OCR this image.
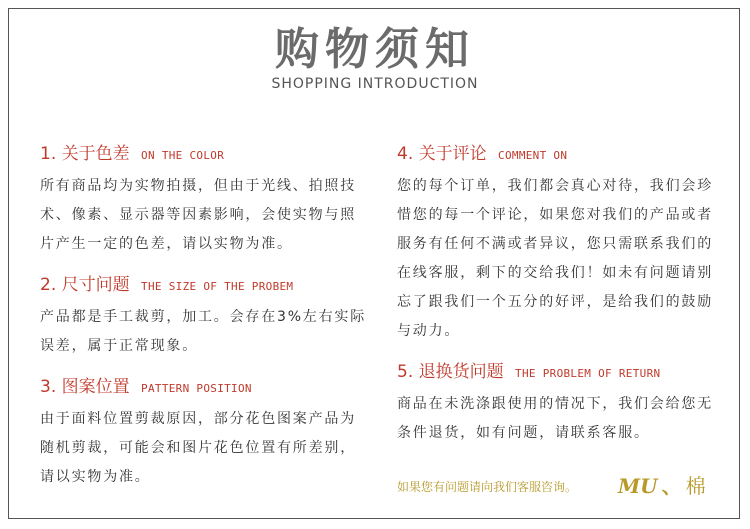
购物须知
SHOPPING INTRODUCTION
1. 关于色差 ON THE COLOR
所有商品均为实物拍摄，但由于光线、拍照技术、像素、显示器等因素影响，会使实物与照片产生一定的色差，请以实物为准。
2. 尺寸问题 THE SIZE OF THE PROBEM
产品都是手工裁剪，加工。会存在3%左右实际误差，属于正常现象。
3. 图案位置 PATTERN POSITION
由于面料位置剪裁原因，部分花色图案产品为随机剪裁，可能会和图片花色位置有所差别，请以实物为准。
4. 关于评论 COMMENT ON
您的每个订单，我们都会真心对待，我们会珍惜您的每一个评论，如果您对我们的产品或者服务有任何不满或者异议，您只需联系我们的在线客服，剩下的交给我们！如未有问题请别忘了跟我们一个五分的好评，是给我们的鼓励与动力。
5. 退换货问题 THE PROBLEM OF RETURN
商品在未洗涤跟使用的情况下，我们会给您无条件退货，如有问题，请联系客服。
如果您有问题请向我们客服咨询。 MU 、 棉
